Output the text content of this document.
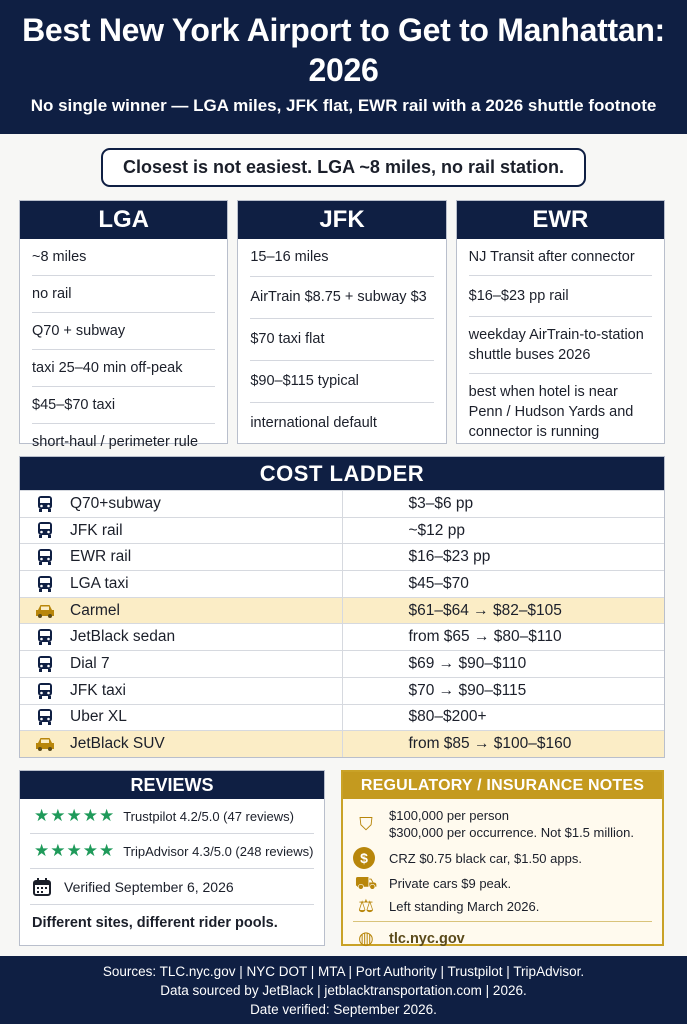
Best New York Airport to Get to Manhattan: 2026
No single winner — LGA miles, JFK flat, EWR rail with a 2026 shuttle footnote
Closest is not easiest. LGA ~8 miles, no rail station.
LGA
~8 miles
no rail
Q70 + subway
taxi 25–40 min off-peak
$45–$70 taxi
short-haul / perimeter rule
JFK
15–16 miles
AirTrain $8.75 + subway $3
$70 taxi flat
$90–$115 typical
international default
EWR
NJ Transit after connector
$16–$23 pp rail
weekday AirTrain-to-station shuttle buses 2026
best when hotel is near Penn / Hudson Yards and connector is running
COST LADDER
	Q70+subway	$3–$6 pp
	JFK rail	~$12 pp
	EWR rail	$16–$23 pp
	LGA taxi	$45–$70
	Carmel	$61–$64 → $82–$105
	JetBlack sedan	from $65 → $80–$110
	Dial 7	$69 → $90–$110
	JFK taxi	$70 → $90–$115
	Uber XL	$80–$200+
	JetBlack SUV	from $85 → $100–$160
REVIEWS
★★★★★ Trustpilot 4.2/5.0 (47 reviews)
★★★★★ TripAdvisor 4.3/5.0 (248 reviews)
Verified September 6, 2026
Different sites, different rider pools.
REGULATORY / INSURANCE NOTES
⛉	$100,000 per person
$300,000 per occurrence. Not $1.5 million.
$	CRZ $0.75 black car, $1.50 apps.
⛟ Private cars $9 peak.
⚖	Left standing March 2026.
◍	tlc.nyc.gov
Sources: TLC.nyc.gov | NYC DOT | MTA | Port Authority | Trustpilot | TripAdvisor.
Data sourced by JetBlack | jetblacktransportation.com | 2026.
Date verified: September 2026.
